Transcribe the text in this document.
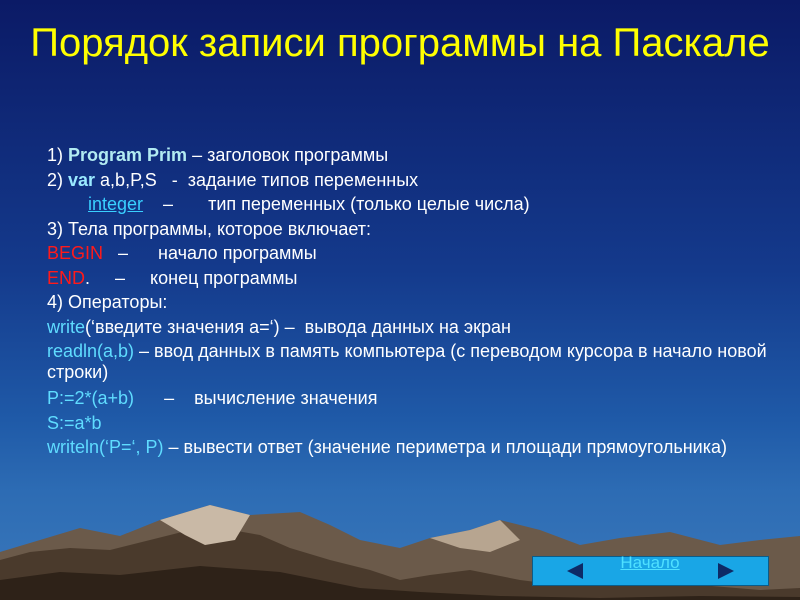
Порядок записи программы на Паскале
1) Program Prim – заголовок программы
2) var a,b,P,S   -  задание типов переменных
integer    –       тип переменных (только целые числа)
3) Тела программы, которое включает:
BEGIN   –      начало программы
END.     –     конец программы
4) Операторы:
write(‘введите значения a=‘) –  вывода данных на экран
readln(a,b) – ввод данных в память компьютера (с переводом курсора в начало новой строки)
P:=2*(a+b)      –    вычисление значения
S:=a*b
writeln(‘P=‘, P) – вывести ответ (значение периметра и площади прямоугольника)
Начало
